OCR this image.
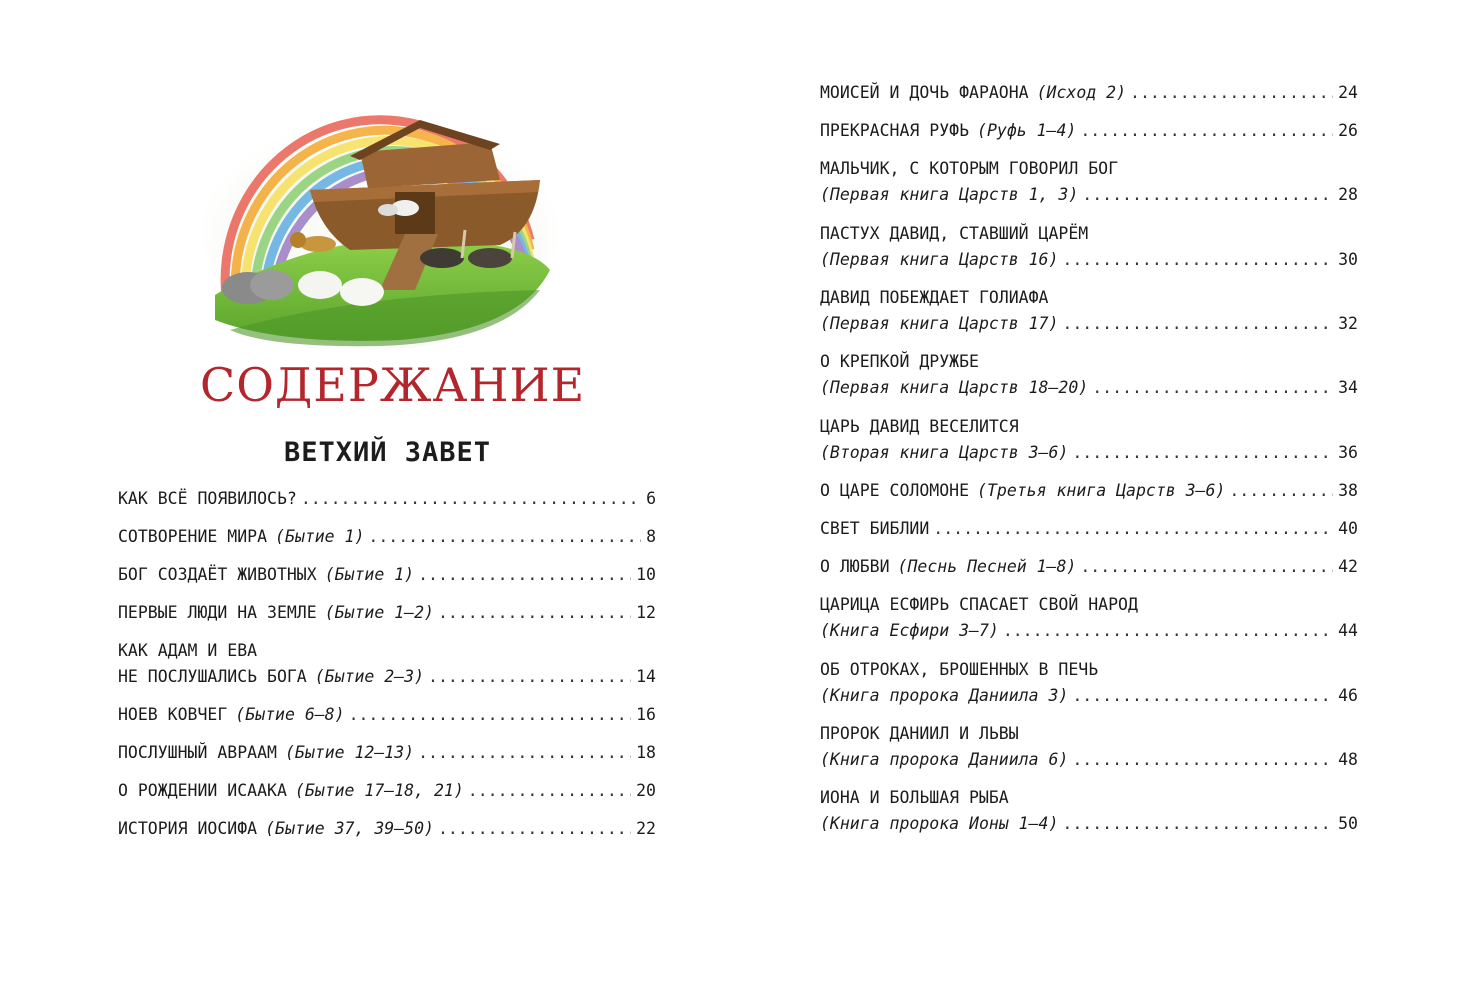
СОДЕРЖАНИЕ
ВЕТХИЙ ЗАВЕТ
КАК ВСЁ ПОЯВИЛОСЬ? .....	6
СОТВОРЕНИЕ МИРА (Бытие 1) .....	8
БОГ СОЗДАЁТ ЖИВОТНЫХ (Бытие 1) .....	10
ПЕРВЫЕ ЛЮДИ НА ЗЕМЛЕ (Бытие 1–2) .....	12
КАК АДАМ И ЕВА
НЕ ПОСЛУШАЛИСЬ БОГА (Бытие 2–3) .....	14
НОЕВ КОВЧЕГ (Бытие 6–8) .....	16
ПОСЛУШНЫЙ АВРААМ (Бытие 12–13) .....	18
О РОЖДЕНИИ ИСААКА (Бытие 17–18, 21) .....	20
ИСТОРИЯ ИОСИФА (Бытие 37, 39–50) .....	22
МОИСЕЙ И ДОЧЬ ФАРАОНА (Исход 2) .....	24
ПРЕКРАСНАЯ РУФЬ (Руфь 1–4) .....	26
МАЛЬЧИК, С КОТОРЫМ ГОВОРИЛ БОГ
(Первая книга Царств 1, 3) .....	28
ПАСТУХ ДАВИД, СТАВШИЙ ЦАРЁМ
(Первая книга Царств 16) .....	30
ДАВИД ПОБЕЖДАЕТ ГОЛИАФА
(Первая книга Царств 17) .....	32
О КРЕПКОЙ ДРУЖБЕ
(Первая книга Царств 18–20) .....	34
ЦАРЬ ДАВИД ВЕСЕЛИТСЯ
(Вторая книга Царств 3–6) .....	36
О ЦАРЕ СОЛОМОНЕ (Третья книга Царств 3–6) .....	38
СВЕТ БИБЛИИ .....	40
О ЛЮБВИ (Песнь Песней 1–8) .....	42
ЦАРИЦА ЕСФИРЬ СПАСАЕТ СВОЙ НАРОД
(Книга Есфири 3–7) .....	44
ОБ ОТРОКАХ, БРОШЕННЫХ В ПЕЧЬ
(Книга пророка Даниила 3) .....	46
ПРОРОК ДАНИИЛ И ЛЬВЫ
(Книга пророка Даниила 6) .....	48
ИОНА И БОЛЬШАЯ РЫБА
(Книга пророка Ионы 1–4) .....	50
